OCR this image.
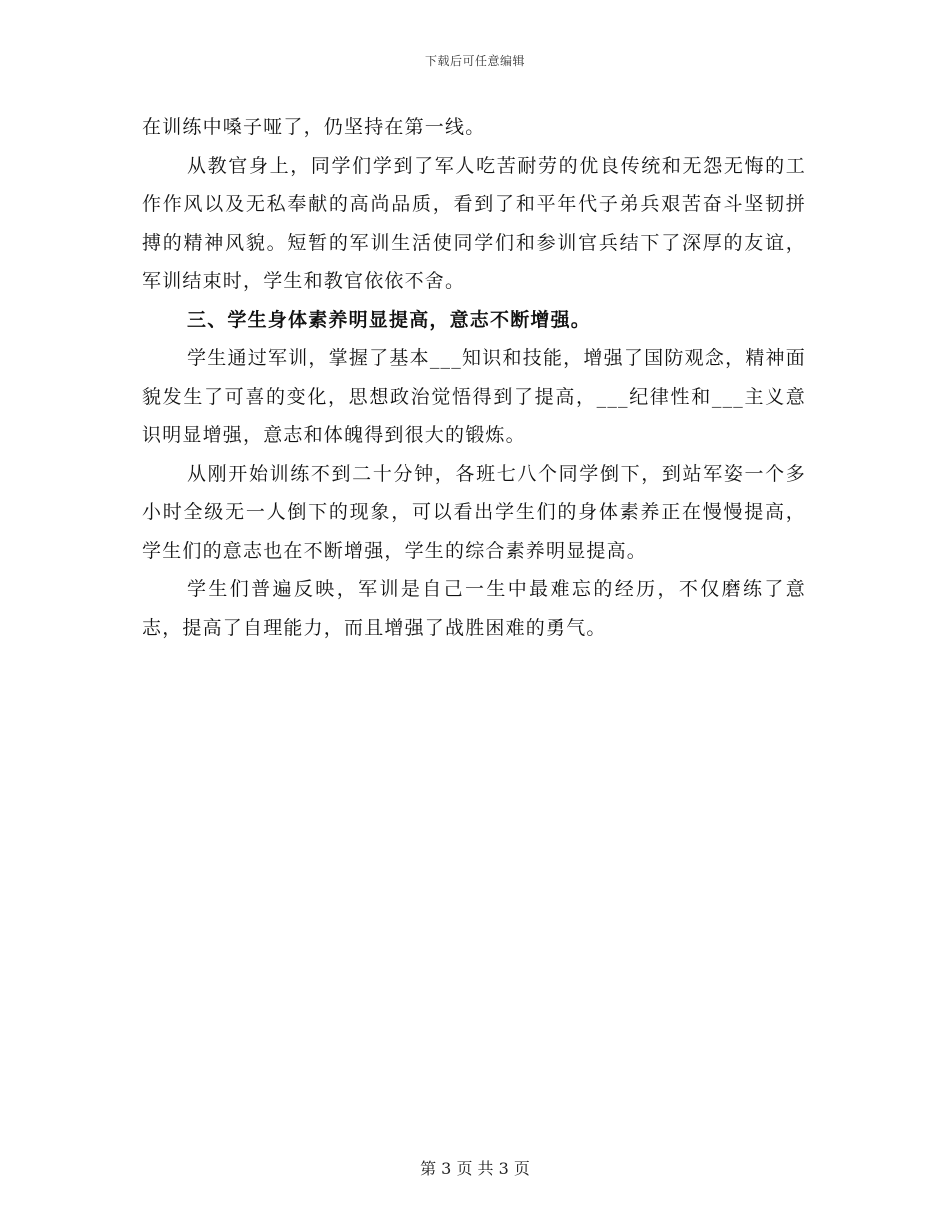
下载后可任意编辑

在训练中嗓子哑了，仍坚持在第一线。

从教官身上，同学们学到了军人吃苦耐劳的优良传统和无怨无悔的工作作风以及无私奉献的高尚品质，看到了和平年代子弟兵艰苦奋斗坚韧拼搏的精神风貌。短暂的军训生活使同学们和参训官兵结下了深厚的友谊，军训结束时，学生和教官依依不舍。

三、学生身体素养明显提高，意志不断增强。

学生通过军训，掌握了基本___知识和技能，增强了国防观念，精神面貌发生了可喜的变化，思想政治觉悟得到了提高，___纪律性和___主义意识明显增强，意志和体魄得到很大的锻炼。

从刚开始训练不到二十分钟，各班七八个同学倒下，到站军姿一个多小时全级无一人倒下的现象，可以看出学生们的身体素养正在慢慢提高，学生们的意志也在不断增强，学生的综合素养明显提高。

学生们普遍反映，军训是自己一生中最难忘的经历，不仅磨练了意志，提高了自理能力，而且增强了战胜困难的勇气。

第 3 页 共 3 页
